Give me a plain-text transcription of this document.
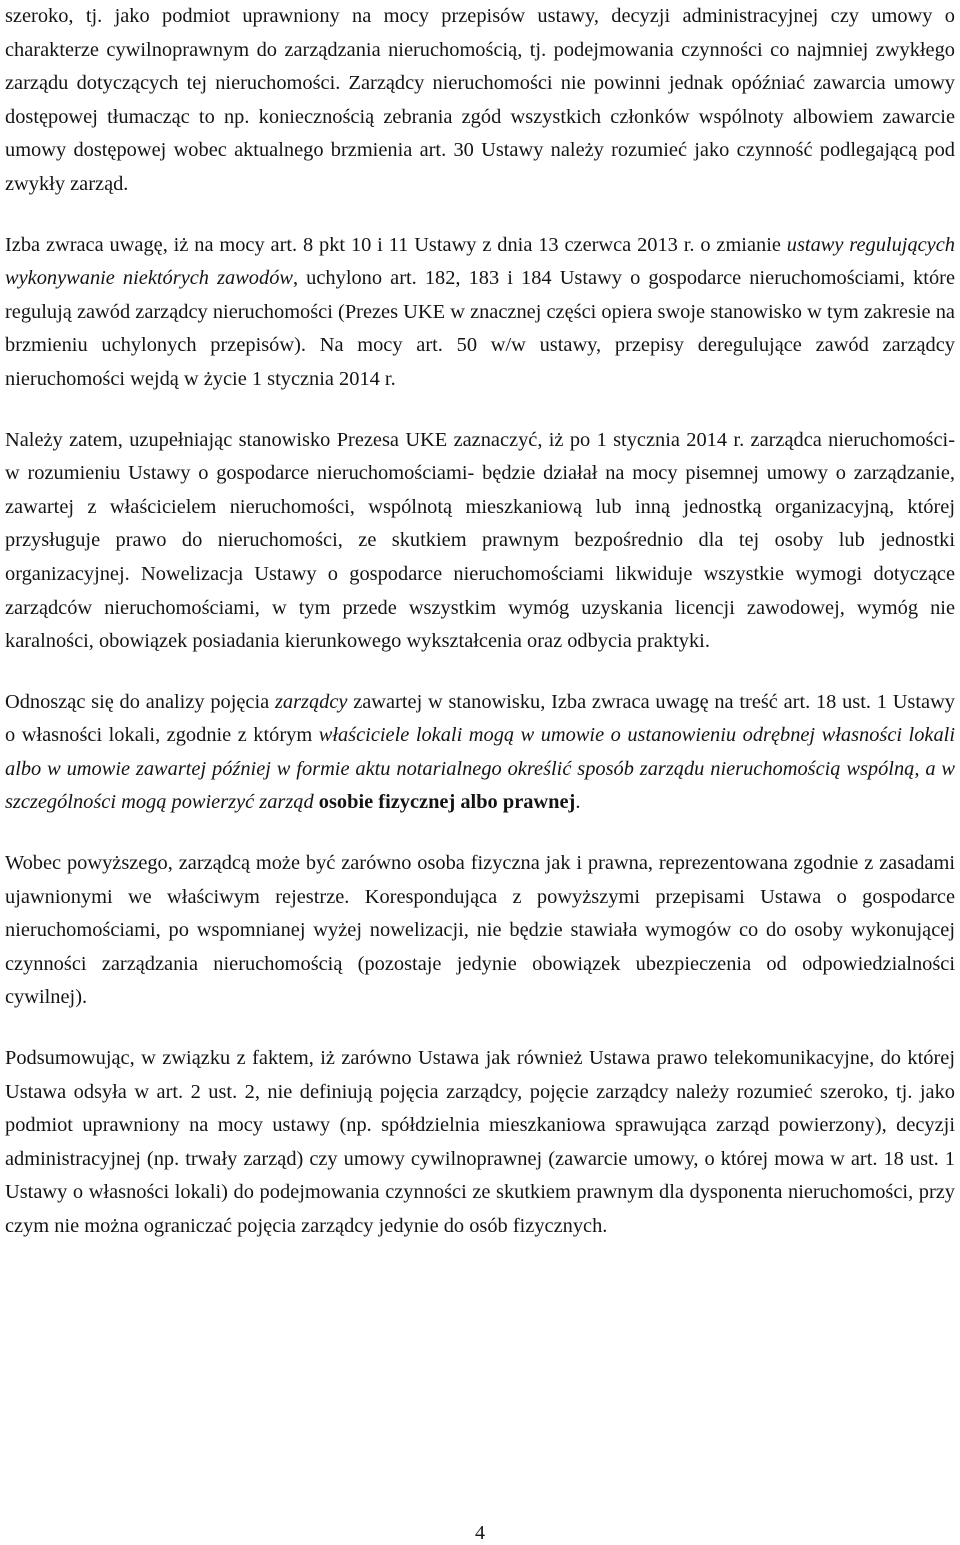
szeroko, tj. jako podmiot uprawniony na mocy przepisów ustawy, decyzji administracyjnej czy umowy o charakterze cywilnoprawnym do zarządzania nieruchomością, tj. podejmowania czynności co najmniej zwykłego zarządu dotyczących tej nieruchomości. Zarządcy nieruchomości nie powinni jednak opóźniać zawarcia umowy dostępowej tłumacząc to np. koniecznością zebrania zgód wszystkich członków wspólnoty albowiem zawarcie umowy dostępowej wobec aktualnego brzmienia art. 30 Ustawy należy rozumieć jako czynność podlegającą pod zwykły zarząd.

Izba zwraca uwagę, iż na mocy art. 8 pkt 10 i 11 Ustawy z dnia 13 czerwca 2013 r. o zmianie ustawy regulujących wykonywanie niektórych zawodów, uchylono art. 182, 183 i 184 Ustawy o gospodarce nieruchomościami, które regulują zawód zarządcy nieruchomości (Prezes UKE w znacznej części opiera swoje stanowisko w tym zakresie na brzmieniu uchylonych przepisów). Na mocy art. 50 w/w ustawy, przepisy deregulujące zawód zarządcy nieruchomości wejdą w życie 1 stycznia 2014 r.

Należy zatem, uzupełniając stanowisko Prezesa UKE zaznaczyć, iż po 1 stycznia 2014 r. zarządca nieruchomości- w rozumieniu Ustawy o gospodarce nieruchomościami- będzie działał na mocy pisemnej umowy o zarządzanie, zawartej z właścicielem nieruchomości, wspólnotą mieszkaniową lub inną jednostką organizacyjną, której przysługuje prawo do nieruchomości, ze skutkiem prawnym bezpośrednio dla tej osoby lub jednostki organizacyjnej. Nowelizacja Ustawy o gospodarce nieruchomościami likwiduje wszystkie wymogi dotyczące zarządców nieruchomościami, w tym przede wszystkim wymóg uzyskania licencji zawodowej, wymóg nie karalności, obowiązek posiadania kierunkowego wykształcenia oraz odbycia praktyki.

Odnosząc się do analizy pojęcia zarządcy zawartej w stanowisku, Izba zwraca uwagę na treść art. 18 ust. 1 Ustawy o własności lokali, zgodnie z którym właściciele lokali mogą w umowie o ustanowieniu odrębnej własności lokali albo w umowie zawartej później w formie aktu notarialnego określić sposób zarządu nieruchomością wspólną, a w szczególności mogą powierzyć zarząd osobie fizycznej albo prawnej.

Wobec powyższego, zarządcą może być zarówno osoba fizyczna jak i prawna, reprezentowana zgodnie z zasadami ujawnionymi we właściwym rejestrze. Korespondująca z powyższymi przepisami Ustawa o gospodarce nieruchomościami, po wspomnianej wyżej nowelizacji, nie będzie stawiała wymogów co do osoby wykonującej czynności zarządzania nieruchomością (pozostaje jedynie obowiązek ubezpieczenia od odpowiedzialności cywilnej).

Podsumowując, w związku z faktem, iż zarówno Ustawa jak również Ustawa prawo telekomunikacyjne, do której Ustawa odsyła w art. 2 ust. 2, nie definiują pojęcia zarządcy, pojęcie zarządcy należy rozumieć szeroko, tj. jako podmiot uprawniony na mocy ustawy (np. spółdzielnia mieszkaniowa sprawująca zarząd powierzony), decyzji administracyjnej (np. trwały zarząd) czy umowy cywilnoprawnej (zawarcie umowy, o której mowa w art. 18 ust. 1 Ustawy o własności lokali) do podejmowania czynności ze skutkiem prawnym dla dysponenta nieruchomości, przy czym nie można ograniczać pojęcia zarządcy jedynie do osób fizycznych.

4
